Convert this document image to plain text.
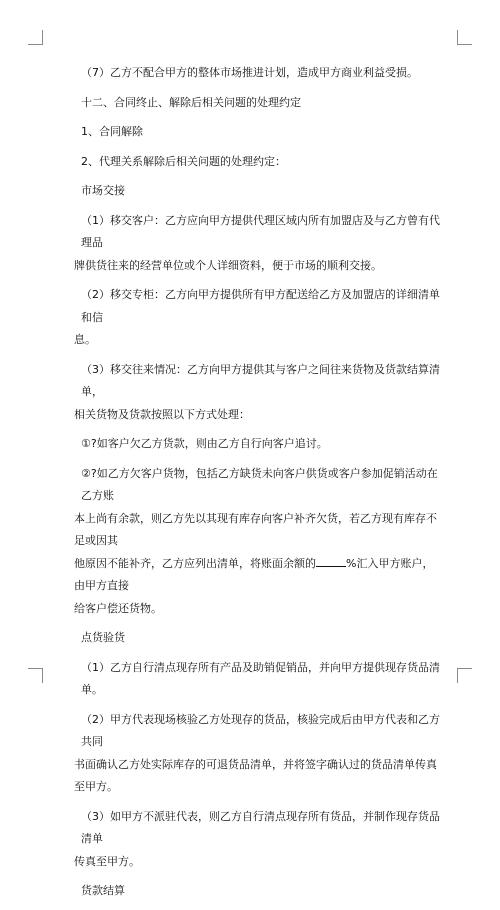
（7）乙方不配合甲方的整体市场推进计划，造成甲方商业利益受损。
十二、合同终止、解除后相关问题的处理约定
1、合同解除
2、代理关系解除后相关问题的处理约定：
市场交接
（1）移交客户：乙方应向甲方提供代理区域内所有加盟店及与乙方曾有代理品
牌供货往来的经营单位或个人详细资料，便于市场的顺利交接。
（2）移交专柜：乙方向甲方提供所有甲方配送给乙方及加盟店的详细清单和信
息。
（3）移交往来情况：乙方向甲方提供其与客户之间往来货物及货款结算清单，
相关货物及货款按照以下方式处理：
①?如客户欠乙方货款，则由乙方自行向客户追讨。
②?如乙方欠客户货物，包括乙方缺货未向客户供货或客户参加促销活动在乙方账
本上尚有余款，则乙方先以其现有库存向客户补齐欠货，若乙方现有库存不足或因其
他原因不能补齐，乙方应列出清单，将账面余额的	%汇入甲方账户，由甲方直接
给客户偿还货物。
点货验货
（1）乙方自行清点现存所有产品及助销促销品，并向甲方提供现存货品清单。
（2）甲方代表现场核验乙方处现存的货品，核验完成后由甲方代表和乙方共同
书面确认乙方处实际库存的可退货品清单，并将签字确认过的货品清单传真至甲方。
（3）如甲方不派驻代表，则乙方自行清点现存所有货品，并制作现存货品清单
传真至甲方。
货款结算
